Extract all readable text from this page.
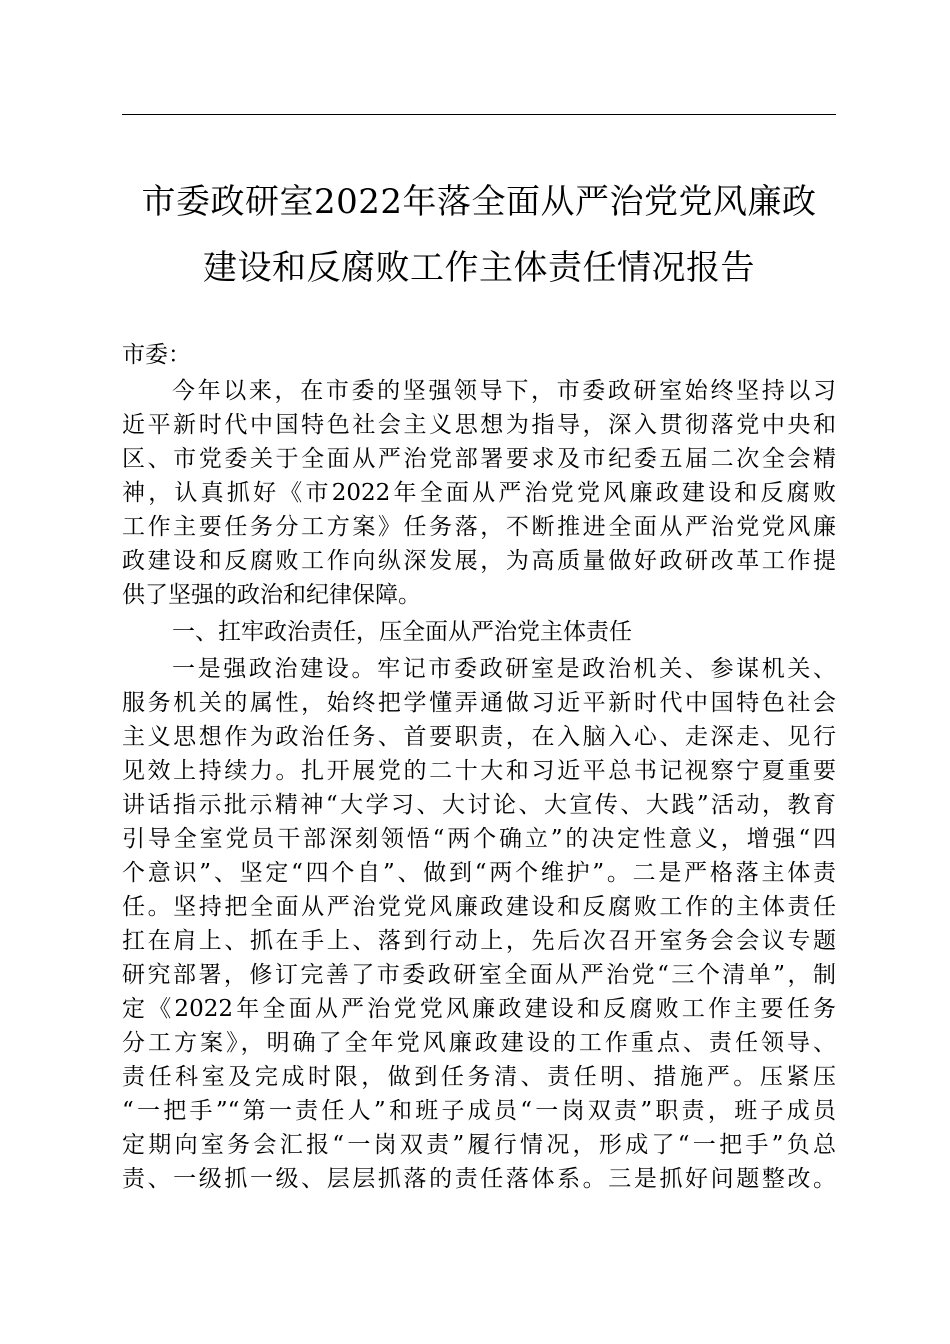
市委政研室2022年落全面从严治党党风廉政
建设和反腐败工作主体责任情况报告
市委：
今年以来，在市委的坚强领导下，市委政研室始终坚持以习
近平新时代中国特色社会主义思想为指导，深入贯彻落党中央和
区、市党委关于全面从严治党部署要求及市纪委五届二次全会精
神，认真抓好《市2022年全面从严治党党风廉政建设和反腐败
工作主要任务分工方案》任务落，不断推进全面从严治党党风廉
政建设和反腐败工作向纵深发展，为高质量做好政研改革工作提
供了坚强的政治和纪律保障。
一、扛牢政治责任，压全面从严治党主体责任
一是强政治建设。牢记市委政研室是政治机关、参谋机关、
服务机关的属性，始终把学懂弄通做习近平新时代中国特色社会
主义思想作为政治任务、首要职责，在入脑入心、走深走、见行
见效上持续力。扎开展党的二十大和习近平总书记视察宁夏重要
讲话指示批示精神“大学习、大讨论、大宣传、大践”活动，教育
引导全室党员干部深刻领悟“两个确立”的决定性意义，增强“四
个意识”、坚定“四个自”、做到“两个维护”。二是严格落主体责
任。坚持把全面从严治党党风廉政建设和反腐败工作的主体责任
扛在肩上、抓在手上、落到行动上，先后次召开室务会会议专题
研究部署，修订完善了市委政研室全面从严治党“三个清单”，制
定《2022年全面从严治党党风廉政建设和反腐败工作主要任务
分工方案》，明确了全年党风廉政建设的工作重点、责任领导、
责任科室及完成时限，做到任务清、责任明、措施严。压紧压
“一把手”“第一责任人”和班子成员“一岗双责”职责，班子成员
定期向室务会汇报“一岗双责”履行情况，形成了“一把手”负总
责、一级抓一级、层层抓落的责任落体系。三是抓好问题整改。
